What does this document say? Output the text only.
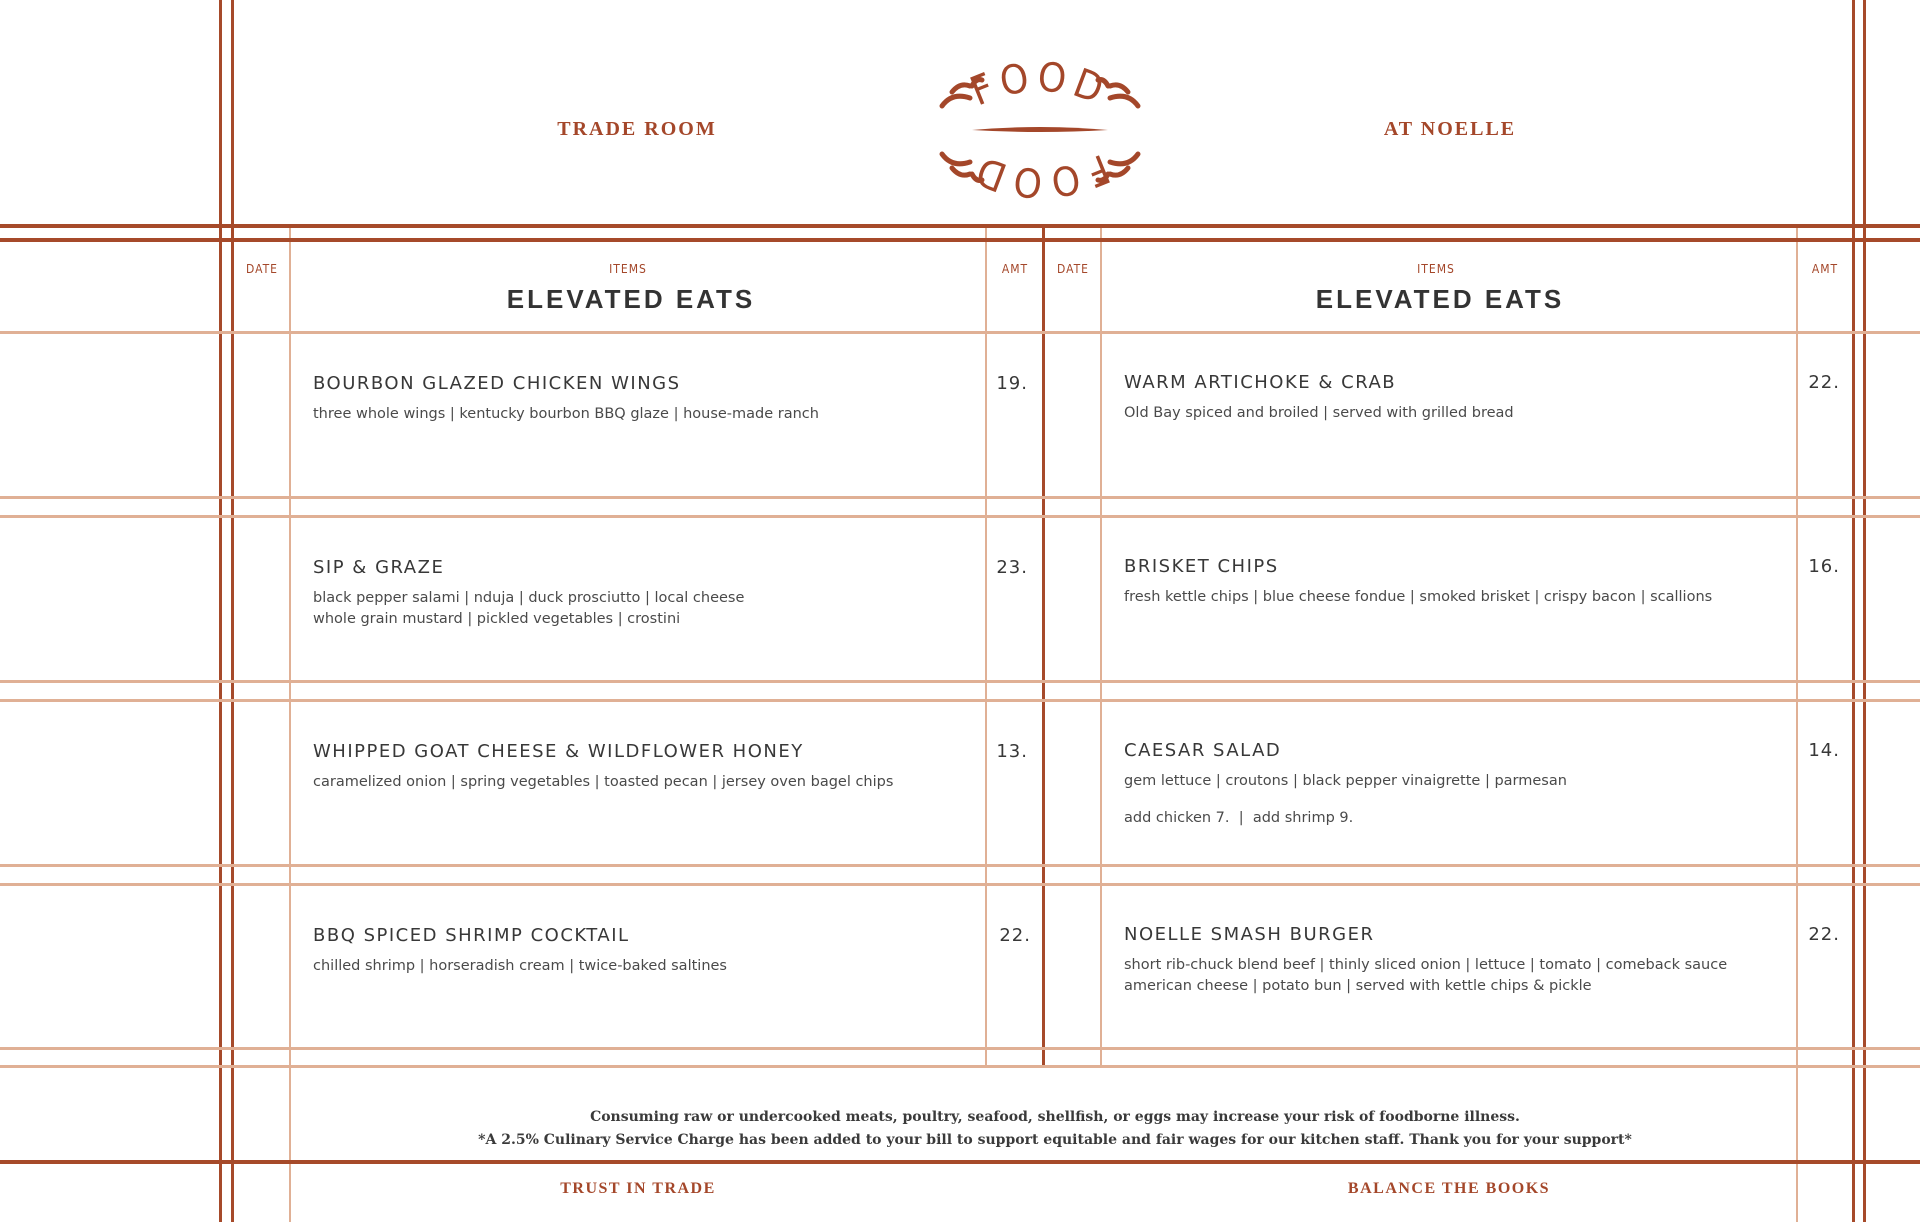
TRADE ROOM	AT NOELLE
FOOD
FOOD
DATE	ITEMS	AMT
ELEVATED EATS
DATE	ITEMS	AMT
ELEVATED EATS
BOURBON GLAZED CHICKEN WINGS
three whole wings | kentucky bourbon BBQ glaze | house-made ranch
19.
SIP & GRAZE
black pepper salami | nduja | duck prosciutto | local cheese
whole grain mustard | pickled vegetables | crostini
23.
WHIPPED GOAT CHEESE & WILDFLOWER HONEY
caramelized onion | spring vegetables | toasted pecan | jersey oven bagel chips
13.
BBQ SPICED SHRIMP COCKTAIL
chilled shrimp | horseradish cream | twice-baked saltines
22.
WARM ARTICHOKE & CRAB
Old Bay spiced and broiled | served with grilled bread
22.
BRISKET CHIPS
fresh kettle chips | blue cheese fondue | smoked brisket | crispy bacon | scallions
16.
CAESAR SALAD
gem lettuce | croutons | black pepper vinaigrette | parmesan
add chicken 7.  |  add shrimp 9.
14.
NOELLE SMASH BURGER
short rib-chuck blend beef | thinly sliced onion | lettuce | tomato | comeback sauce
american cheese | potato bun | served with kettle chips & pickle
22.
Consuming raw or undercooked meats, poultry, seafood, shellfish, or eggs may increase your risk of foodborne illness.
*A 2.5% Culinary Service Charge has been added to your bill to support equitable and fair wages for our kitchen staff. Thank you for your support*
TRUST IN TRADE	BALANCE THE BOOKS
